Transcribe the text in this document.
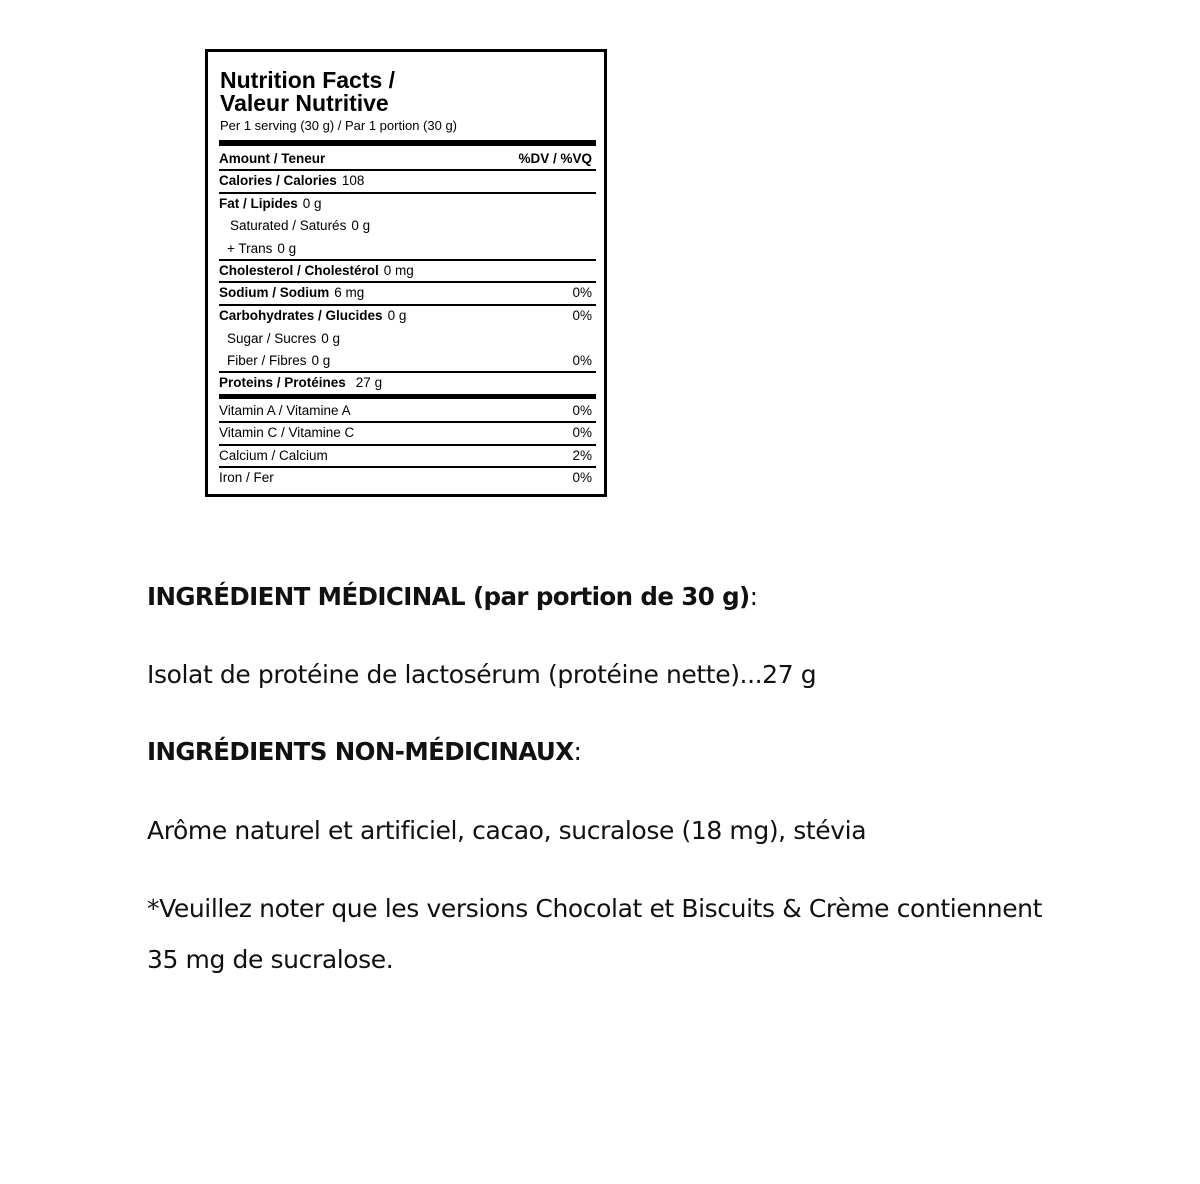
Nutrition Facts /
Valeur Nutritive
Per 1 serving (30 g) / Par 1 portion (30 g)
Amount / Teneur	%DV / %VQ
Calories / Calories 108
Fat / Lipides 0 g
Saturated / Saturés 0 g
+ Trans 0 g
Cholesterol / Cholestérol 0 mg
Sodium / Sodium 6 mg	0%
Carbohydrates / Glucides 0 g	0%
Sugar / Sucres 0 g
Fiber / Fibres 0 g	0%
Proteins / Protéines 27 g
Vitamin A / Vitamine A	0%
Vitamin C / Vitamine C	0%
Calcium / Calcium	2%
Iron / Fer	0%

INGRÉDIENT MÉDICINAL (par portion de 30 g):

Isolat de protéine de lactosérum (protéine nette)...27 g

INGRÉDIENTS NON-MÉDICINAUX:

Arôme naturel et artificiel, cacao, sucralose (18 mg), stévia

*Veuillez noter que les versions Chocolat et Biscuits & Crème contiennent

35 mg de sucralose.
